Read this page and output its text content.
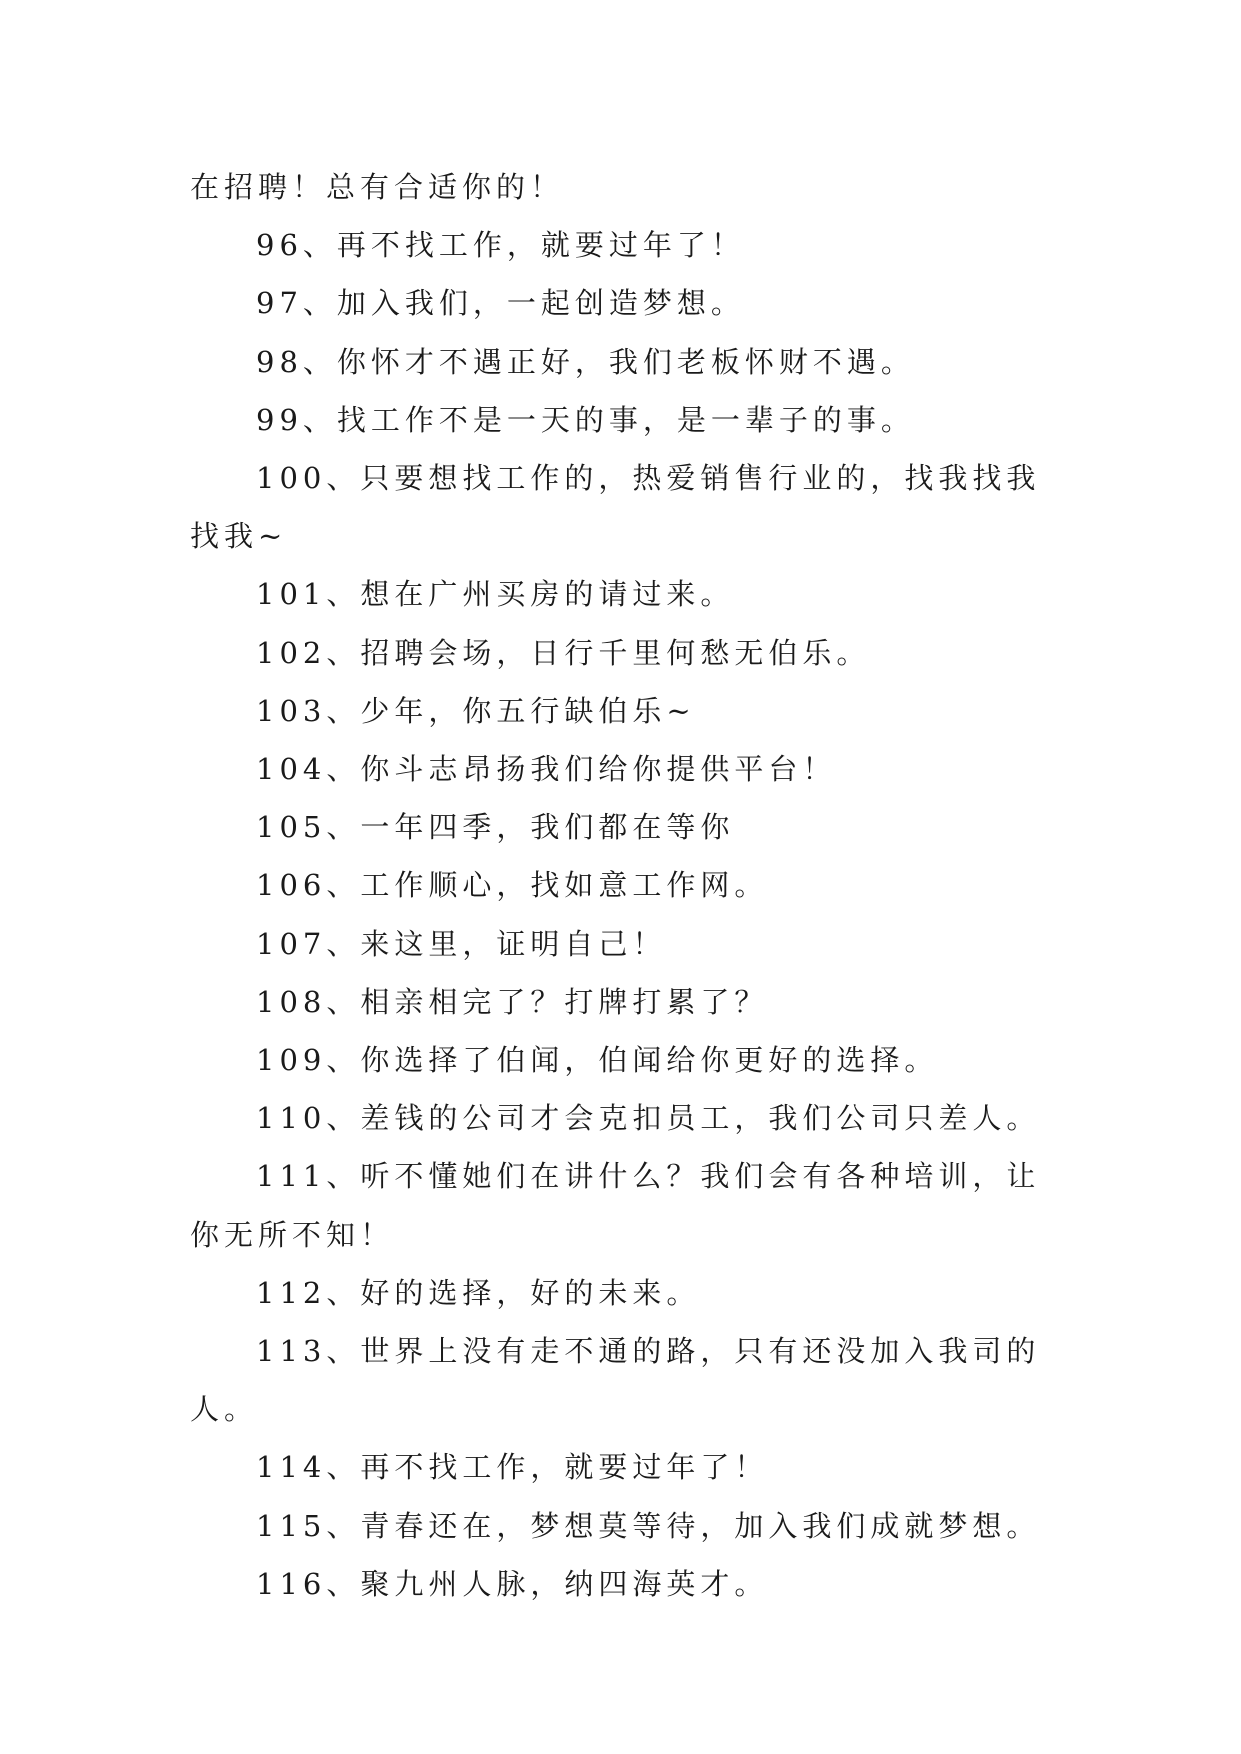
在招聘！总有合适你的！

96、再不找工作，就要过年了！

97、加入我们，一起创造梦想。

98、你怀才不遇正好，我们老板怀财不遇。

99、找工作不是一天的事，是一辈子的事。

100、只要想找工作的，热爱销售行业的，找我找我找我~

101、想在广州买房的请过来。

102、招聘会场，日行千里何愁无伯乐。

103、少年，你五行缺伯乐~

104、你斗志昂扬我们给你提供平台！

105、一年四季，我们都在等你

106、工作顺心，找如意工作网。

107、来这里，证明自己！

108、相亲相完了？打牌打累了？

109、你选择了伯闻，伯闻给你更好的选择。

110、差钱的公司才会克扣员工，我们公司只差人。

111、听不懂她们在讲什么？我们会有各种培训，让你无所不知！

112、好的选择，好的未来。

113、世界上没有走不通的路，只有还没加入我司的人。

114、再不找工作，就要过年了！

115、青春还在，梦想莫等待，加入我们成就梦想。

116、聚九州人脉，纳四海英才。
